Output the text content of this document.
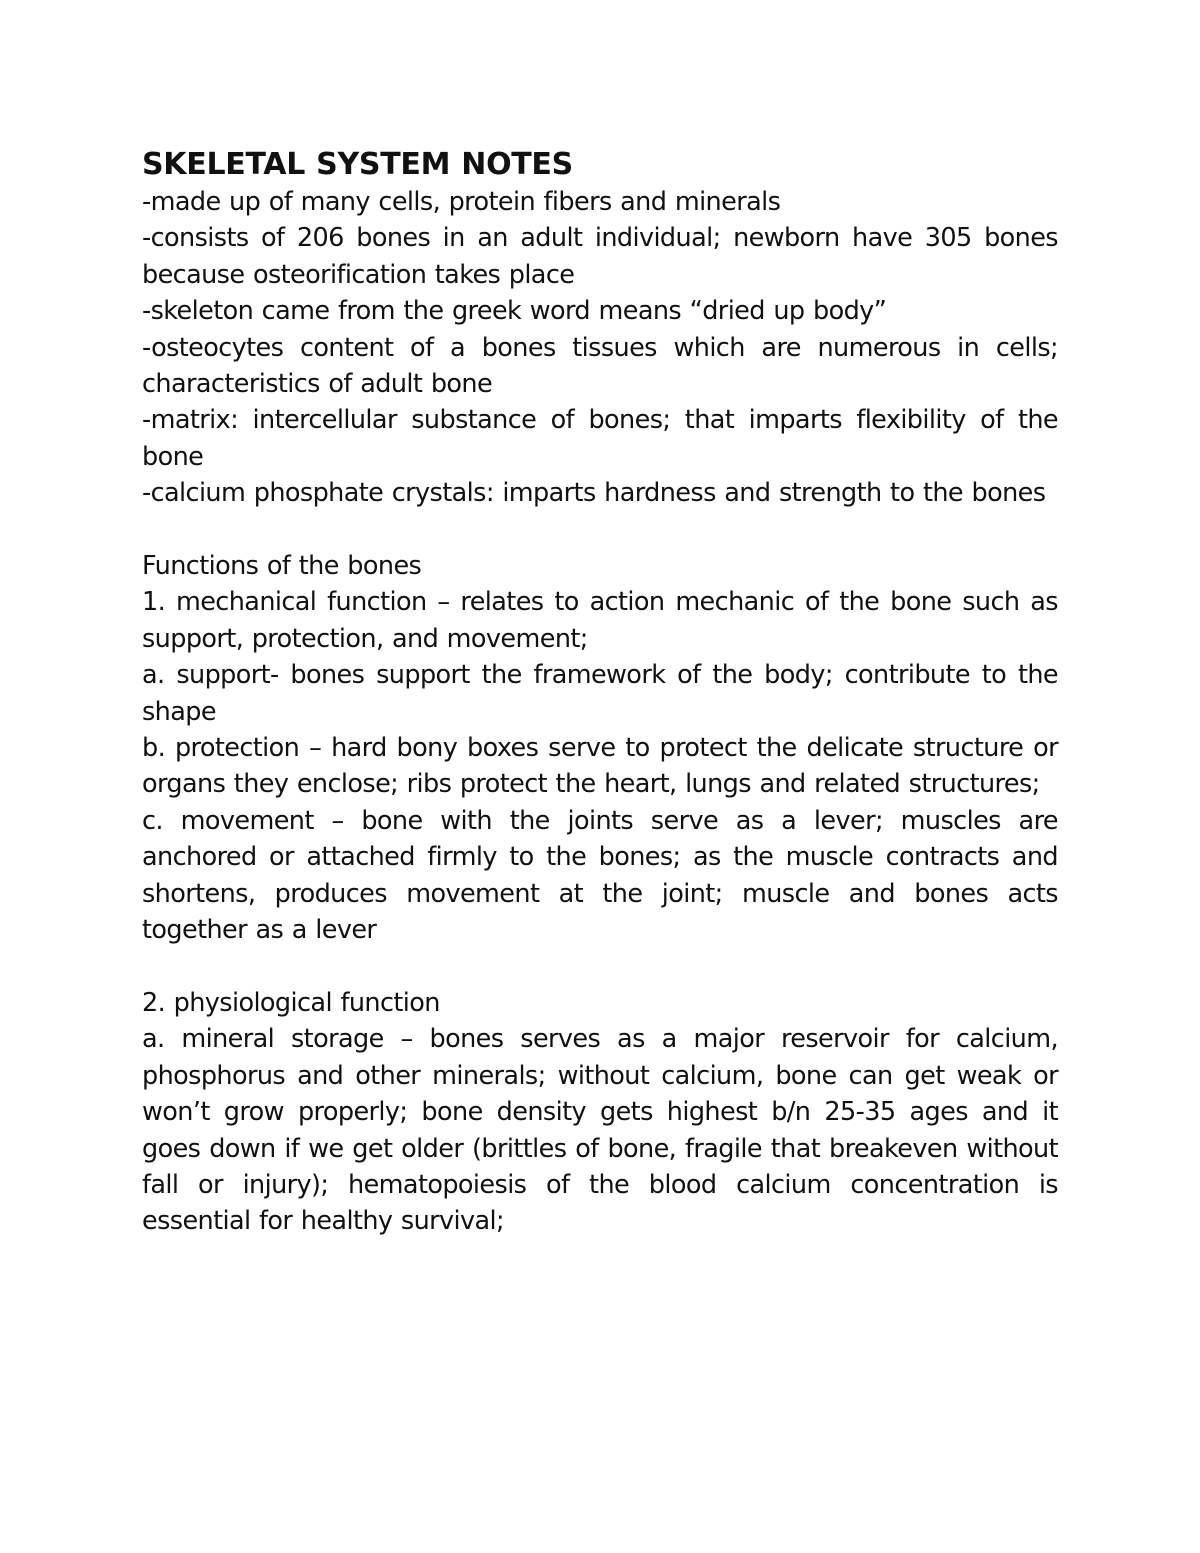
SKELETAL SYSTEM NOTES

-made up of many cells, protein fibers and minerals

-consists of 206 bones in an adult individual; newborn have 305 bones because osteorification takes place

-skeleton came from the greek word means “dried up body”

-osteocytes content of a bones tissues which are numerous in cells; characteristics of adult bone

-matrix: intercellular substance of bones; that imparts flexibility of the bone

-calcium phosphate crystals: imparts hardness and strength to the bones

Functions of the bones

1. mechanical function – relates to action mechanic of the bone such as support, protection, and movement;

a. support- bones support the framework of the body; contribute to the shape

b. protection – hard bony boxes serve to protect the delicate structure or organs they enclose; ribs protect the heart, lungs and related structures;

c. movement – bone with the joints serve as a lever; muscles are anchored or attached firmly to the bones; as the muscle contracts and shortens, produces movement at the joint; muscle and bones acts together as a lever

2. physiological function

a. mineral storage – bones serves as a major reservoir for calcium, phosphorus and other minerals; without calcium, bone can get weak or won’t grow properly; bone density gets highest b/n 25-35 ages and it goes down if we get older (brittles of bone, fragile that breakeven without fall or injury); hematopoiesis of the blood calcium concentration is essential for healthy survival;
